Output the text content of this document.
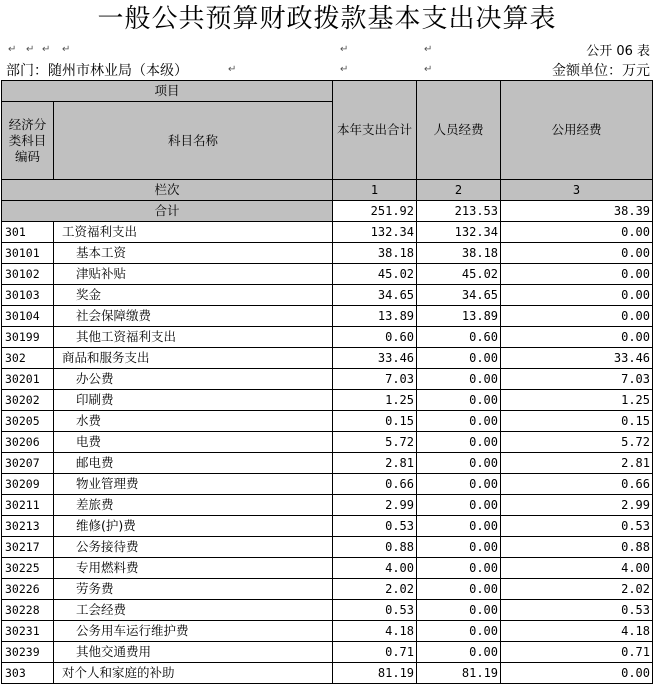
一般公共预算财政拨款基本支出决算表
↵ ↵ ↵ ↵	↵	↵	公开 06 表
部门：随州市林业局（本级）	↵	↵	↵	金额单位：万元
项目		本年支出合计	人员经费	公用经费
经济分类科目编码	科目名称			

栏次		1	2	3
合计		251.92	213.53	38.39
301	工资福利支出	132.34	132.34	0.00
30101	基本工资	38.18	38.18	0.00
30102	津贴补贴	45.02	45.02	0.00
30103	奖金	34.65	34.65	0.00
30104	社会保障缴费	13.89	13.89	0.00
30199	其他工资福利支出	0.60	0.60	0.00
302	商品和服务支出	33.46	0.00	33.46
30201	办公费	7.03	0.00	7.03
30202	印刷费	1.25	0.00	1.25
30205	水费	0.15	0.00	0.15
30206	电费	5.72	0.00	5.72
30207	邮电费	2.81	0.00	2.81
30209	物业管理费	0.66	0.00	0.66
30211	差旅费	2.99	0.00	2.99
30213	维修(护)费	0.53	0.00	0.53
30217	公务接待费	0.88	0.00	0.88
30225	专用燃料费	4.00	0.00	4.00
30226	劳务费	2.02	0.00	2.02
30228	工会经费	0.53	0.00	0.53
30231	公务用车运行维护费	4.18	0.00	4.18
30239	其他交通费用	0.71	0.00	0.71
303	对个人和家庭的补助	81.19	81.19	0.00
